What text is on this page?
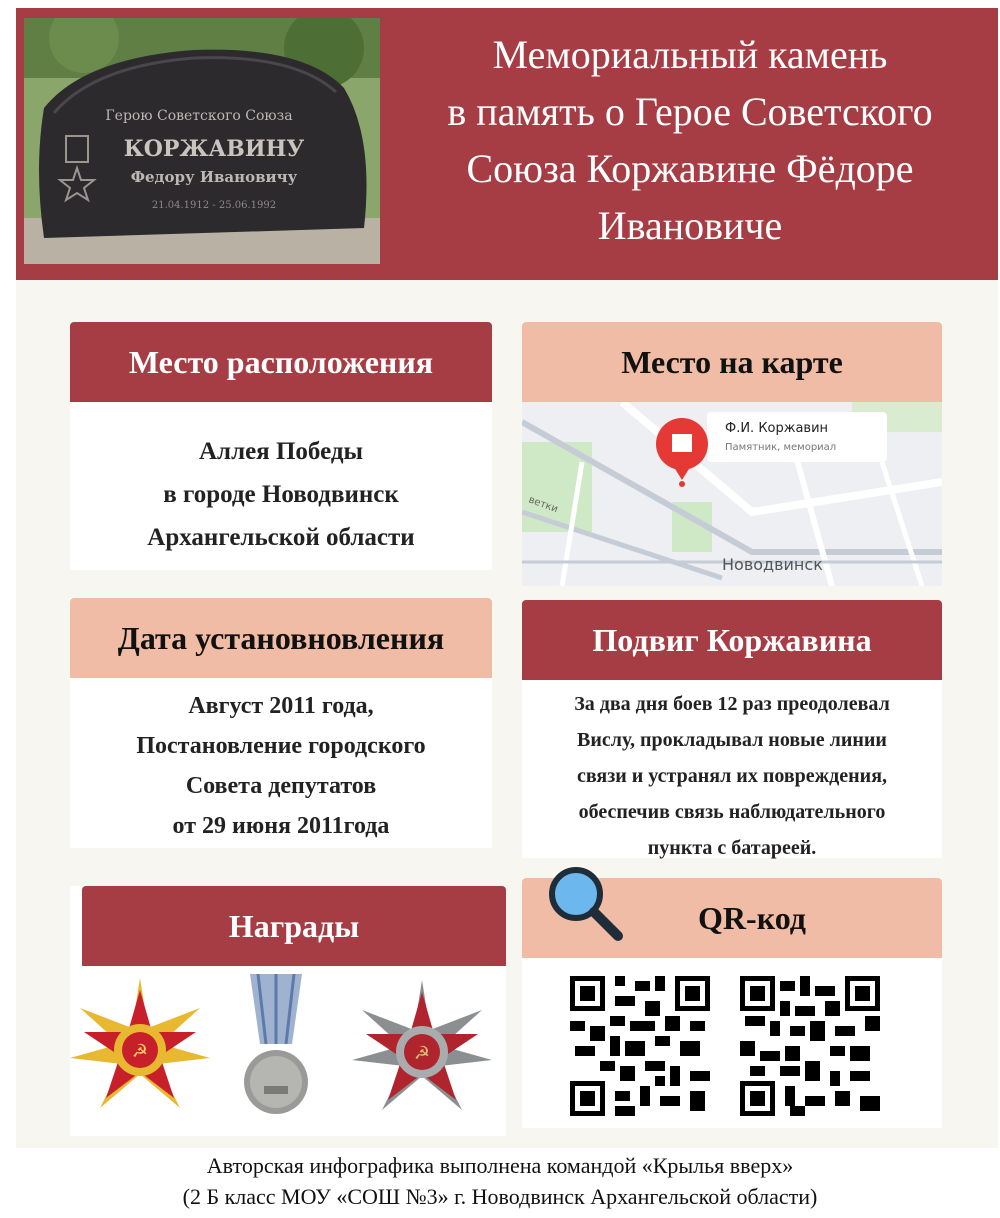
Герою Советского Союза
КОРЖАВИНУ
Федору Ивановичу
21.04.1912 - 25.06.1992
Мемориальный камень
в память о Герое Советского
Союза Коржавине Фёдоре
Ивановиче
Место расположения
Аллея Победы
в городе Новодвинск
Архангельской области
Место на карте
Ф.И. Коржавин
Памятник, мемориал
Новодвинск
ветки
Дата установновления
Август 2011 года,
Постановление городского
Совета депутатов
от 29 июня 2011года
Подвиг Коржавина
За два дня боев 12 раз преодолевал
Вислу, прокладывал новые линии
связи и устранял их повреждения,
обеспечив связь наблюдательного
пункта с батареей.
Награды
☭	☭
QR-код
Авторская инфографика выполнена командой «Крылья вверх»
(2 Б класс МОУ «СОШ №3» г. Новодвинск Архангельской области)
